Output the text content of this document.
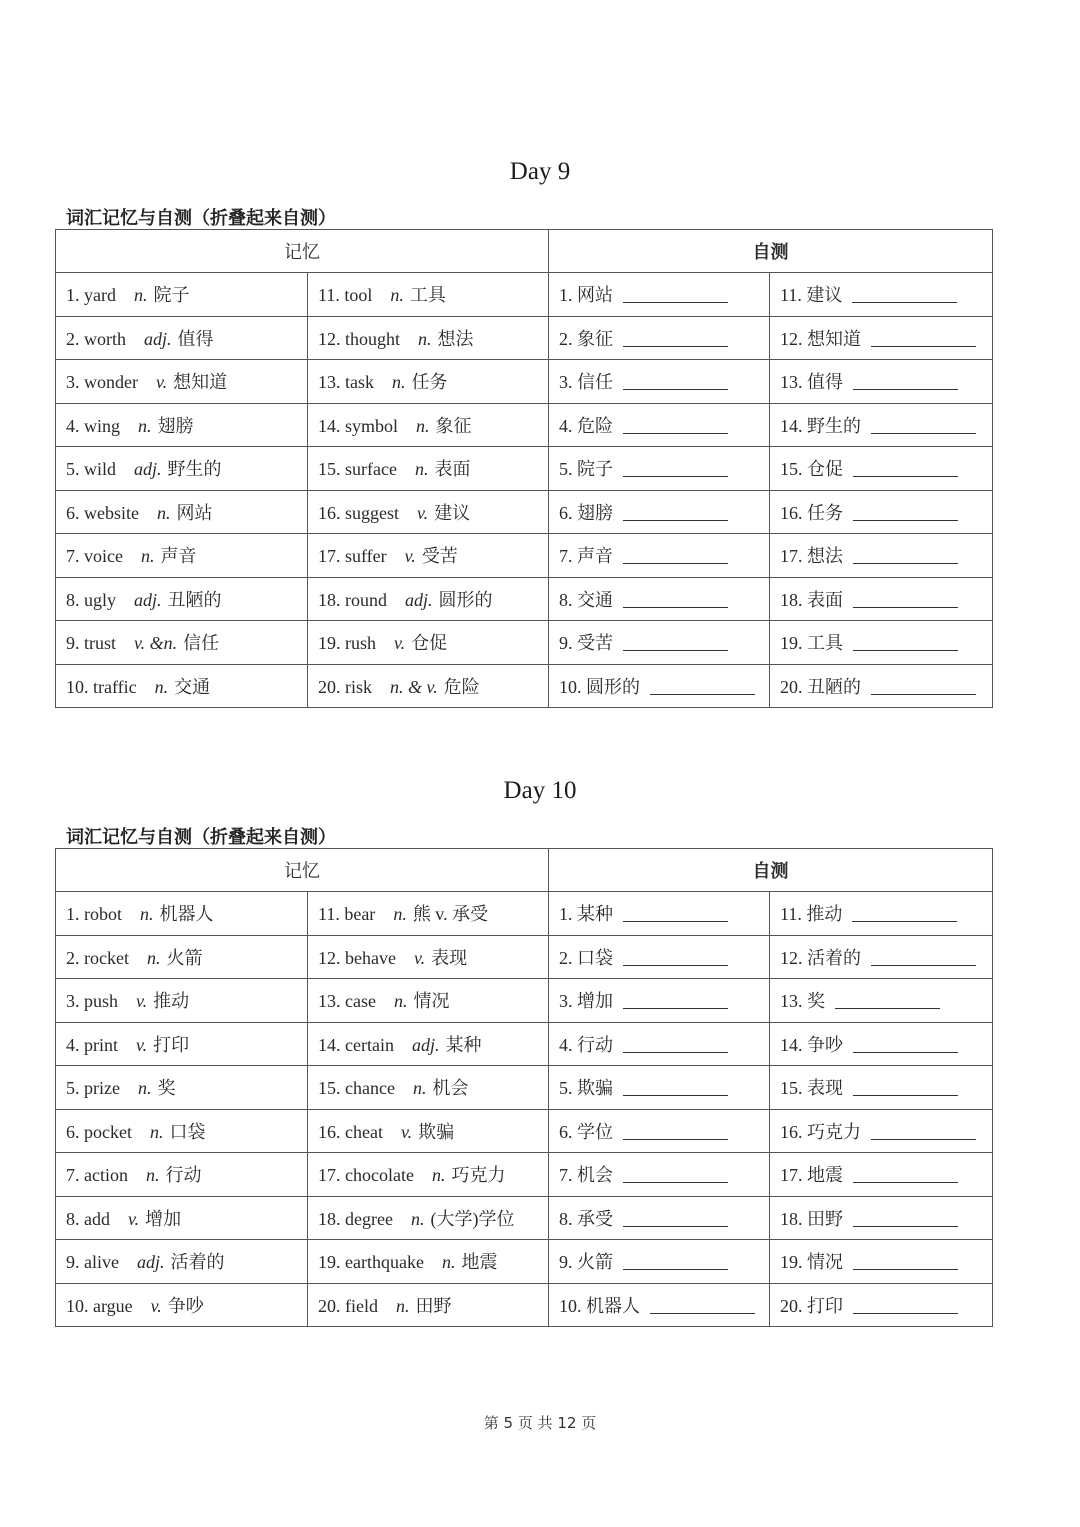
Day 9
词汇记忆与自测（折叠起来自测）
记忆		自测	
1. yard n. 院子	11. tool n. 工具	1. 网站	11. 建议
2. worth adj. 值得	12. thought n. 想法	2. 象征	12. 想知道
3. wonder v. 想知道	13. task n. 任务	3. 信任	13. 值得
4. wing n. 翅膀	14. symbol n. 象征	4. 危险	14. 野生的
5. wild adj. 野生的	15. surface n. 表面	5. 院子	15. 仓促
6. website n. 网站	16. suggest v. 建议	6. 翅膀	16. 任务
7. voice n. 声音	17. suffer v. 受苦	7. 声音	17. 想法
8. ugly adj. 丑陋的	18. round adj. 圆形的	8. 交通	18. 表面
9. trust v. &n. 信任	19. rush v. 仓促	9. 受苦	19. 工具
10. traffic n. 交通	20. risk n. & v. 危险	10. 圆形的	20. 丑陋的
Day 10
词汇记忆与自测（折叠起来自测）
记忆		自测	
1. robot n. 机器人	11. bear n. 熊 v. 承受	1. 某种	11. 推动
2. rocket n. 火箭	12. behave v. 表现	2. 口袋	12. 活着的
3. push v. 推动	13. case n. 情况	3. 增加	13. 奖
4. print v. 打印	14. certain adj. 某种	4. 行动	14. 争吵
5. prize n. 奖	15. chance n. 机会	5. 欺骗	15. 表现
6. pocket n. 口袋	16. cheat v. 欺骗	6. 学位	16. 巧克力
7. action n. 行动	17. chocolate n. 巧克力	7. 机会	17. 地震
8. add v. 增加	18. degree n. (大学)学位	8. 承受	18. 田野
9. alive adj. 活着的	19. earthquake n. 地震	9. 火箭	19. 情况
10. argue v. 争吵	20. field n. 田野	10. 机器人	20. 打印
第 5 页 共 12 页
